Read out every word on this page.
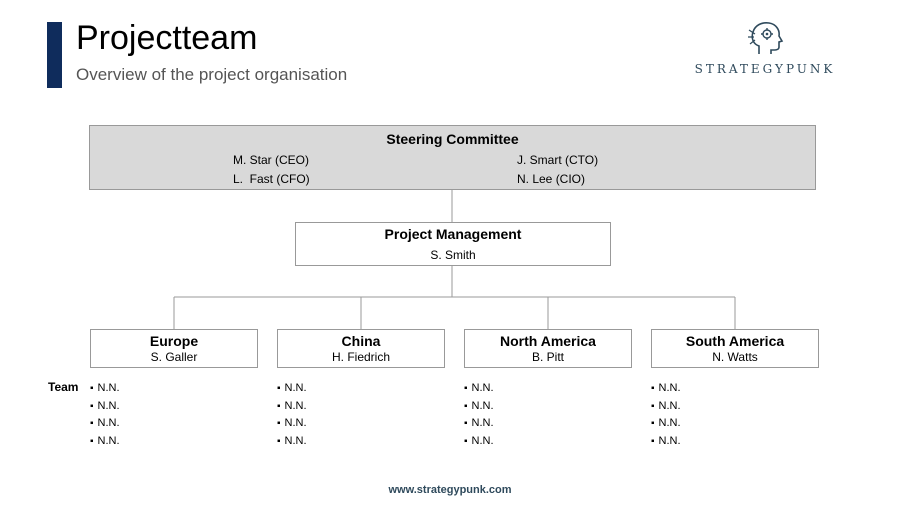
Projectteam
Overview of the project organisation	STRATEGYPUNK
Steering Committee
M. Star (CEO)
L.  Fast (CFO)
J. Smart (CTO)
N. Lee (CIO)
Project Management
S. Smith
Europe
S. Galler
China
H. Fiedrich
North America
B. Pitt
South America
N. Watts
Team
▪	N.N.
▪ N.N.
▪ N.N.
▪ N.N.
▪ N.N.
▪ N.N.
▪ N.N.
▪ N.N.
▪ N.N.
▪ N.N.
▪ N.N.
▪ N.N.
▪ N.N.
▪ N.N.
▪ N.N.
▪ N.N.
www.strategypunk.com
